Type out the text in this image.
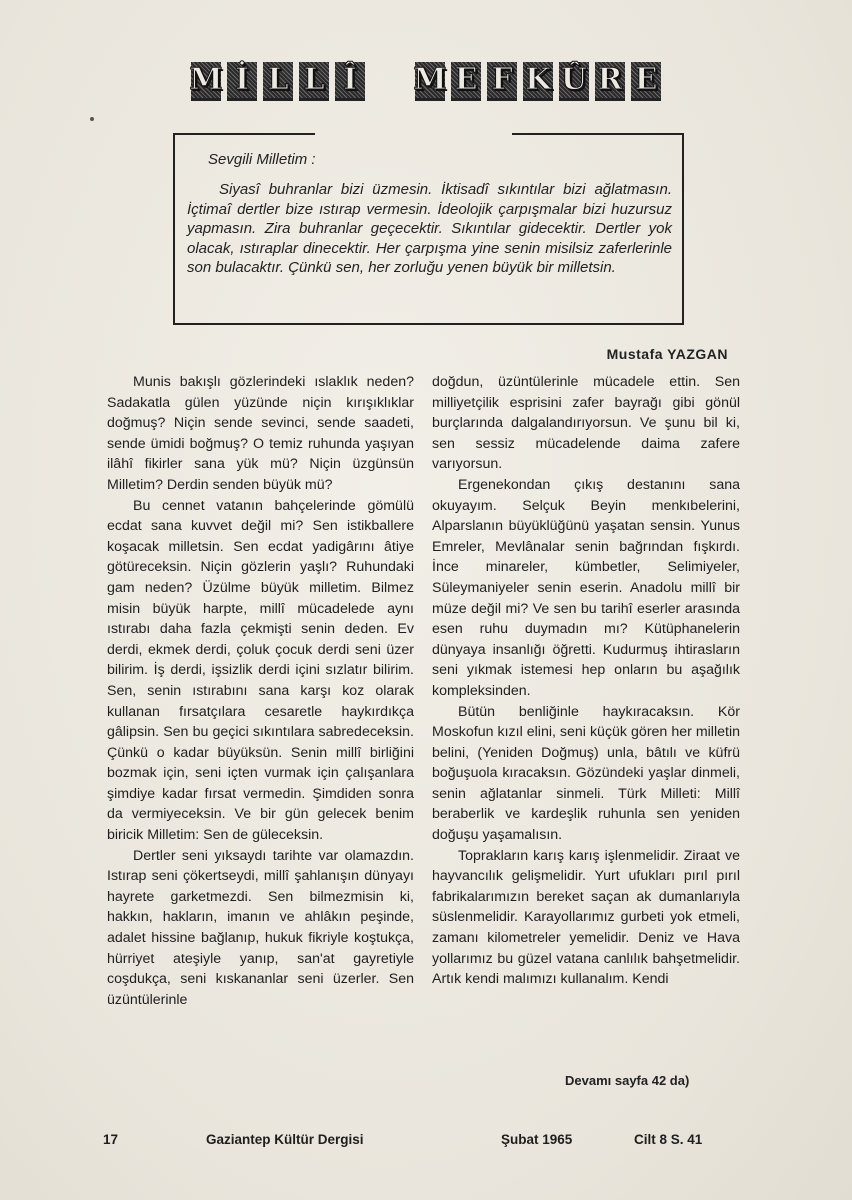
M İ L L Î M E F K Û R E
Sevgili Milletim :
Siyasî buhranlar bizi üzmesin. İktisadî sıkıntılar bizi ağlatmasın. İçtimaî dertler bize ıstırap vermesin. İdeolojik çarpışmalar bizi huzursuz yapmasın. Zira buhranlar geçecektir. Sıkıntılar gidecektir. Dertler yok olacak, ıstıraplar dinecektir. Her çarpışma yine senin misilsiz zaferlerinle son bulacaktır. Çünkü sen, her zorluğu yenen büyük bir milletsin.
Mustafa YAZGAN

Munis bakışlı gözlerindeki ıslaklık neden? Sadakatla gülen yüzünde niçin kırışıklıklar doğmuş? Niçin sende sevinci, sende saadeti, sende ümidi boğmuş? O temiz ruhunda yaşıyan ilâhî fikirler sana yük mü? Niçin üzgünsün Milletim? Derdin senden büyük mü?

Bu cennet vatanın bahçelerinde gömülü ecdat sana kuvvet değil mi? Sen istikballere koşacak milletsin. Sen ecdat yadigârını âtiye götüreceksin. Niçin gözlerin yaşlı? Ruhundaki gam neden? Üzülme büyük milletim. Bilmez misin büyük harpte, millî mücadelede aynı ıstırabı daha fazla çekmişti senin deden. Ev derdi, ekmek derdi, çoluk çocuk derdi seni üzer bilirim. İş derdi, işsizlik derdi içini sızlatır bilirim. Sen, senin ıstırabını sana karşı koz olarak kullanan fırsatçılara cesaretle haykırdıkça gâlipsin. Sen bu geçici sıkıntılara sabredeceksin. Çünkü o kadar büyüksün. Senin millî birliğini bozmak için, seni içten vurmak için çalışanlara şimdiye kadar fırsat vermedin. Şimdiden sonra da vermiyeceksin. Ve bir gün gelecek benim biricik Milletim: Sen de güleceksin.

Dertler seni yıksaydı tarihte var olamazdın. Istırap seni çökertseydi, millî şahlanışın dünyayı hayrete garketmezdi. Sen bilmezmisin ki, hakkın, hakların, imanın ve ahlâkın peşinde, adalet hissine bağlanıp, hukuk fikriyle koştukça, hürriyet ateşiyle yanıp, san'at gayretiyle coşdukça, seni kıskananlar seni üzerler. Sen üzüntülerinle

doğdun, üzüntülerinle mücadele ettin. Sen milliyetçilik esprisini zafer bayrağı gibi gönül burçlarında dalgalandırıyorsun. Ve şunu bil ki, sen sessiz mücadelende daima zafere varıyorsun.

Ergenekondan çıkış destanını sana okuyayım. Selçuk Beyin menkıbelerini, Alparslanın büyüklüğünü yaşatan sensin. Yunus Emreler, Mevlânalar senin bağrından fışkırdı. İnce minareler, kümbetler, Selimiyeler, Süleymaniyeler senin eserin. Anadolu millî bir müze değil mi? Ve sen bu tarihî eserler arasında esen ruhu duymadın mı? Kütüphanelerin dünyaya insanlığı öğretti. Kudurmuş ihtirasların seni yıkmak istemesi hep onların bu aşağılık kompleksinden.

Bütün benliğinle haykıracaksın. Kör Moskofun kızıl elini, seni küçük gören her milletin belini, (Yeniden Doğmuş) unla, bâtılı ve küfrü boğuşuola kıracaksın. Gözündeki yaşlar dinmeli, senin ağlatanlar sinmeli. Türk Milleti: Millî beraberlik ve kardeşlik ruhunla sen yeniden doğuşu yaşamalısın.

Toprakların karış karış işlenmelidir. Ziraat ve hayvancılık gelişmelidir. Yurt ufukları pırıl pırıl fabrikalarımızın bereket saçan ak dumanlarıyla süslenmelidir. Karayollarımız gurbeti yok etmeli, zamanı kilometreler yemelidir. Deniz ve Hava yollarımız bu güzel vatana canlılık bahşetmelidir. Artık kendi malımızı kullanalım. Kendi

Devamı sayfa 42 da)
17	Gaziantep Kültür Dergisi	Şubat 1965	Cilt 8 S. 41
